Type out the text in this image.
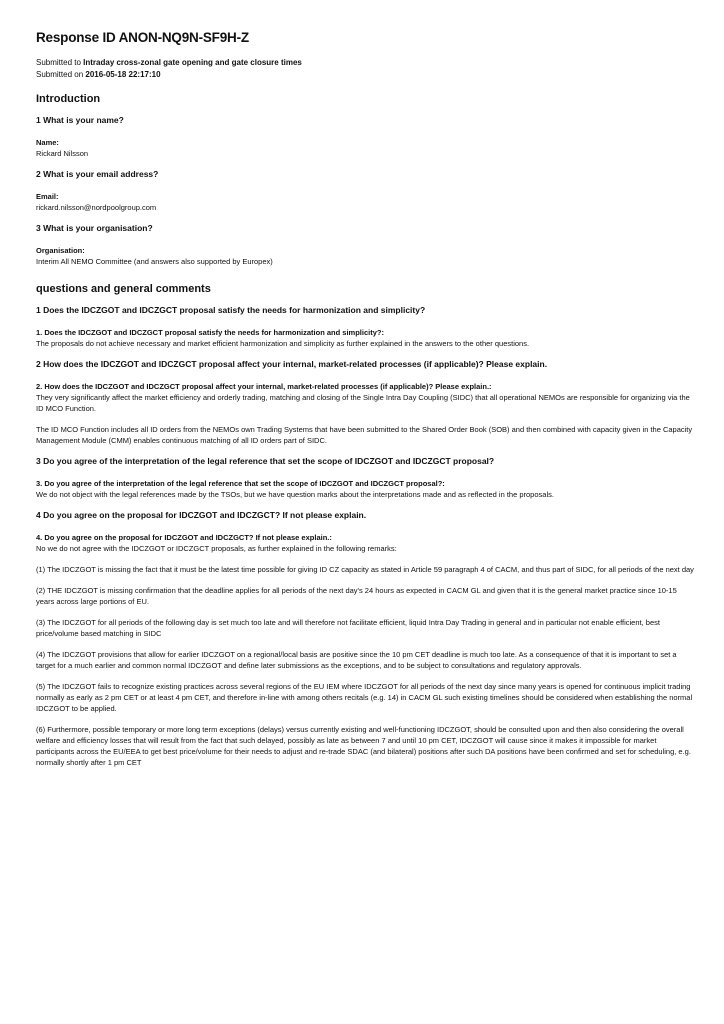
Response ID ANON-NQ9N-SF9H-Z

Submitted to Intraday cross-zonal gate opening and gate closure times

Submitted on 2016-05-18 22:17:10

Introduction

1 What is your name?

Name:

Rickard Nilsson

2 What is your email address?

Email:

rickard.nilsson@nordpoolgroup.com

3 What is your organisation?

Organisation:

Interim All NEMO Committee (and answers also supported by Europex)

questions and general comments

1 Does the IDCZGOT and IDCZGCT proposal satisfy the needs for harmonization and simplicity?

1. Does the IDCZGOT and IDCZGCT proposal satisfy the needs for harmonization and simplicity?:

The proposals do not achieve necessary and market efficient harmonization and simplicity as further explained in the answers to the other questions.

2 How does the IDCZGOT and IDCZGCT proposal affect your internal, market-related processes (if applicable)? Please explain.

2. How does the IDCZGOT and IDCZGCT proposal affect your internal, market-related processes (if applicable)? Please explain.:

They very significantly affect the market efficiency and orderly trading, matching and closing of the Single Intra Day Coupling (SIDC) that all operational NEMOs are responsible for organizing via the ID MCO Function.

The ID MCO Function includes all ID orders from the NEMOs own Trading Systems that have been submitted to the Shared Order Book (SOB) and then combined with capacity given in the Capacity Management Module (CMM) enables continuous matching of all ID orders part of SIDC.

3 Do you agree of the interpretation of the legal reference that set the scope of IDCZGOT and IDCZGCT proposal?

3. Do you agree of the interpretation of the legal reference that set the scope of IDCZGOT and IDCZGCT proposal?:

We do not object with the legal references made by the TSOs, but we have question marks about the interpretations made and as reflected in the proposals.

4 Do you agree on the proposal for IDCZGOT and IDCZGCT? If not please explain.

4. Do you agree on the proposal for IDCZGOT and IDCZGCT? If not please explain.:

No we do not agree with the IDCZGOT or IDCZGCT proposals, as further explained in the following remarks:

(1) The IDCZGOT is missing the fact that it must be the latest time possible for giving ID CZ capacity as stated in Article 59 paragraph 4 of CACM, and thus part of SIDC, for all periods of the next day

(2) THE IDCZGOT is missing confirmation that the deadline applies for all periods of the next day's 24 hours as expected in CACM GL and given that it is the general market practice since 10-15 years across large portions of EU.

(3) The IDCZGOT for all periods of the following day is set much too late and will therefore not facilitate efficient, liquid Intra Day Trading in general and in particular not enable efficient, best price/volume based matching in SIDC

(4) The IDCZGOT provisions that allow for earlier IDCZGOT on a regional/local basis are positive since the 10 pm CET deadline is much too late. As a consequence of that it is important to set a target for a much earlier and common normal IDCZGOT and define later submissions as the exceptions, and to be subject to consultations and regulatory approvals.

(5) The IDCZGOT fails to recognize existing practices across several regions of the EU IEM where IDCZGOT for all periods of the next day since many years is opened for continuous implicit trading normally as early as 2 pm CET or at least 4 pm CET, and therefore in-line with among others recitals (e.g. 14) in CACM GL such existing timelines should be considered when establishing the normal IDCZGOT to be applied.

(6) Furthermore, possible temporary or more long term exceptions (delays) versus currently existing and well-functioning IDCZGOT, should be consulted upon and then also considering the overall welfare and efficiency losses that will result from the fact that such delayed, possibly as late as between 7 and until 10 pm CET, IDCZGOT will cause since it makes it impossible for market participants across the EU/EEA to get best price/volume for their needs to adjust and re-trade SDAC (and bilateral) positions after such DA positions have been confirmed and set for scheduling, e.g. normally shortly after 1 pm CET
